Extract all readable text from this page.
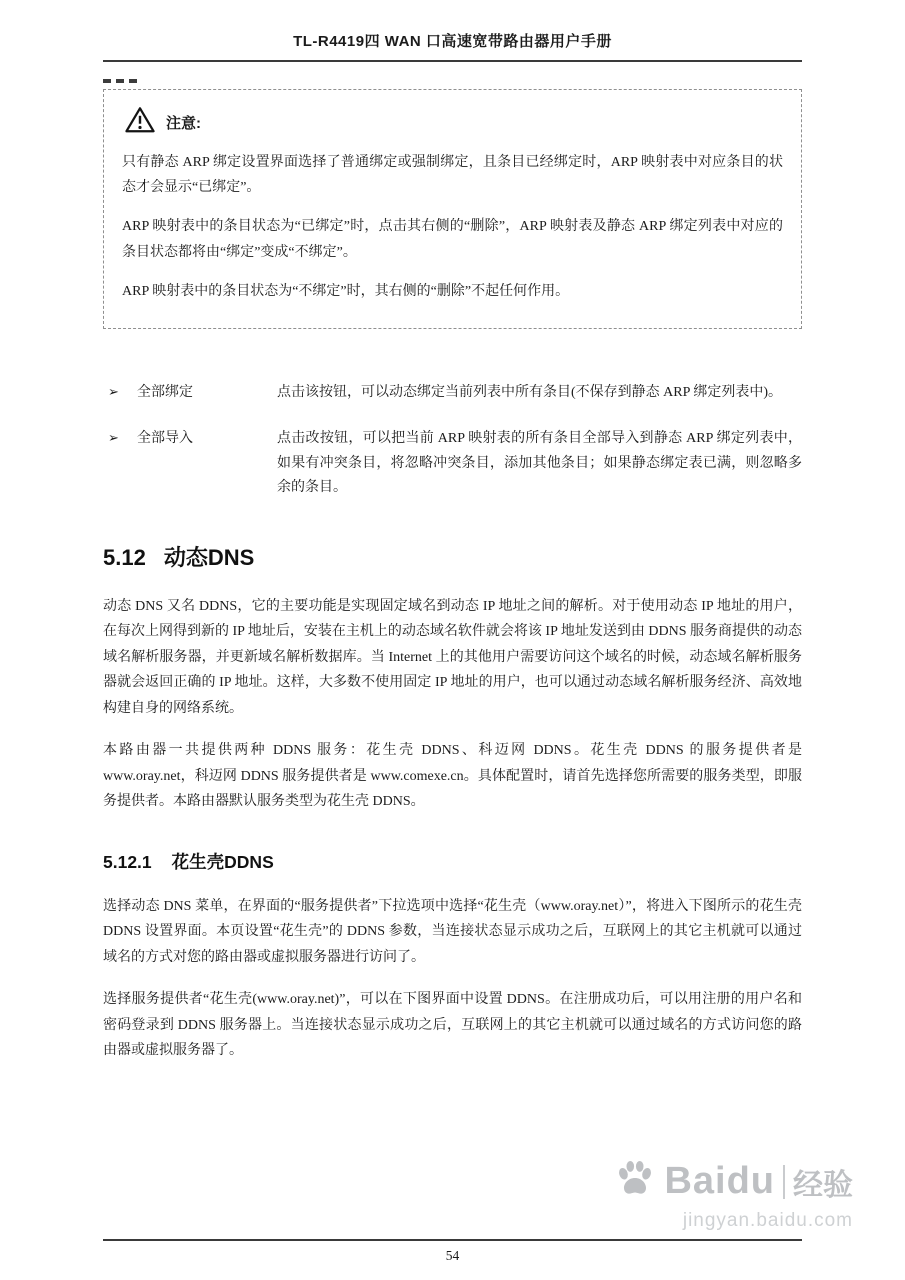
TL-R4419四 WAN 口高速宽带路由器用户手册
注意:

只有静态 ARP 绑定设置界面选择了普通绑定或强制绑定，且条目已经绑定时，ARP 映射表中对应条目的状态才会显示“已绑定”。

ARP 映射表中的条目状态为“已绑定”时，点击其右侧的“删除”，ARP 映射表及静态 ARP 绑定列表中对应的条目状态都将由“绑定”变成“不绑定”。

ARP 映射表中的条目状态为“不绑定”时，其右侧的“删除”不起任何作用。

➢	全部绑定	点击该按钮，可以动态绑定当前列表中所有条目(不保存到静态 ARP 绑定列表中)。
➢	全部导入	点击改按钮，可以把当前 ARP 映射表的所有条目全部导入到静态 ARP 绑定列表中，如果有冲突条目，将忽略冲突条目，添加其他条目；如果静态绑定表已满，则忽略多余的条目。
5.12 动态DNS

动态 DNS 又名 DDNS，它的主要功能是实现固定域名到动态 IP 地址之间的解析。对于使用动态 IP 地址的用户，在每次上网得到新的 IP 地址后，安装在主机上的动态域名软件就会将该 IP 地址发送到由 DDNS 服务商提供的动态域名解析服务器，并更新域名解析数据库。当 Internet 上的其他用户需要访问这个域名的时候，动态域名解析服务器就会返回正确的 IP 地址。这样，大多数不使用固定 IP 地址的用户，也可以通过动态域名解析服务经济、高效地构建自身的网络系统。

本路由器一共提供两种 DDNS 服务：花生壳 DDNS、科迈网 DDNS。花生壳 DDNS 的服务提供者是 www.oray.net，科迈网 DDNS 服务提供者是 www.comexe.cn。具体配置时，请首先选择您所需要的服务类型，即服务提供者。本路由器默认服务类型为花生壳 DDNS。

5.12.1 花生壳DDNS

选择动态 DNS 菜单，在界面的“服务提供者”下拉选项中选择“花生壳（www.oray.net）”，将进入下图所示的花生壳 DDNS 设置界面。本页设置“花生壳”的 DDNS 参数，当连接状态显示成功之后，互联网上的其它主机就可以通过域名的方式对您的路由器或虚拟服务器进行访问了。

选择服务提供者“花生壳(www.oray.net)”，可以在下图界面中设置 DDNS。在注册成功后，可以用注册的用户名和密码登录到 DDNS 服务器上。当连接状态显示成功之后，互联网上的其它主机就可以通过域名的方式访问您的路由器或虚拟服务器了。

Baidu 经验
jingyan.baidu.com
54
